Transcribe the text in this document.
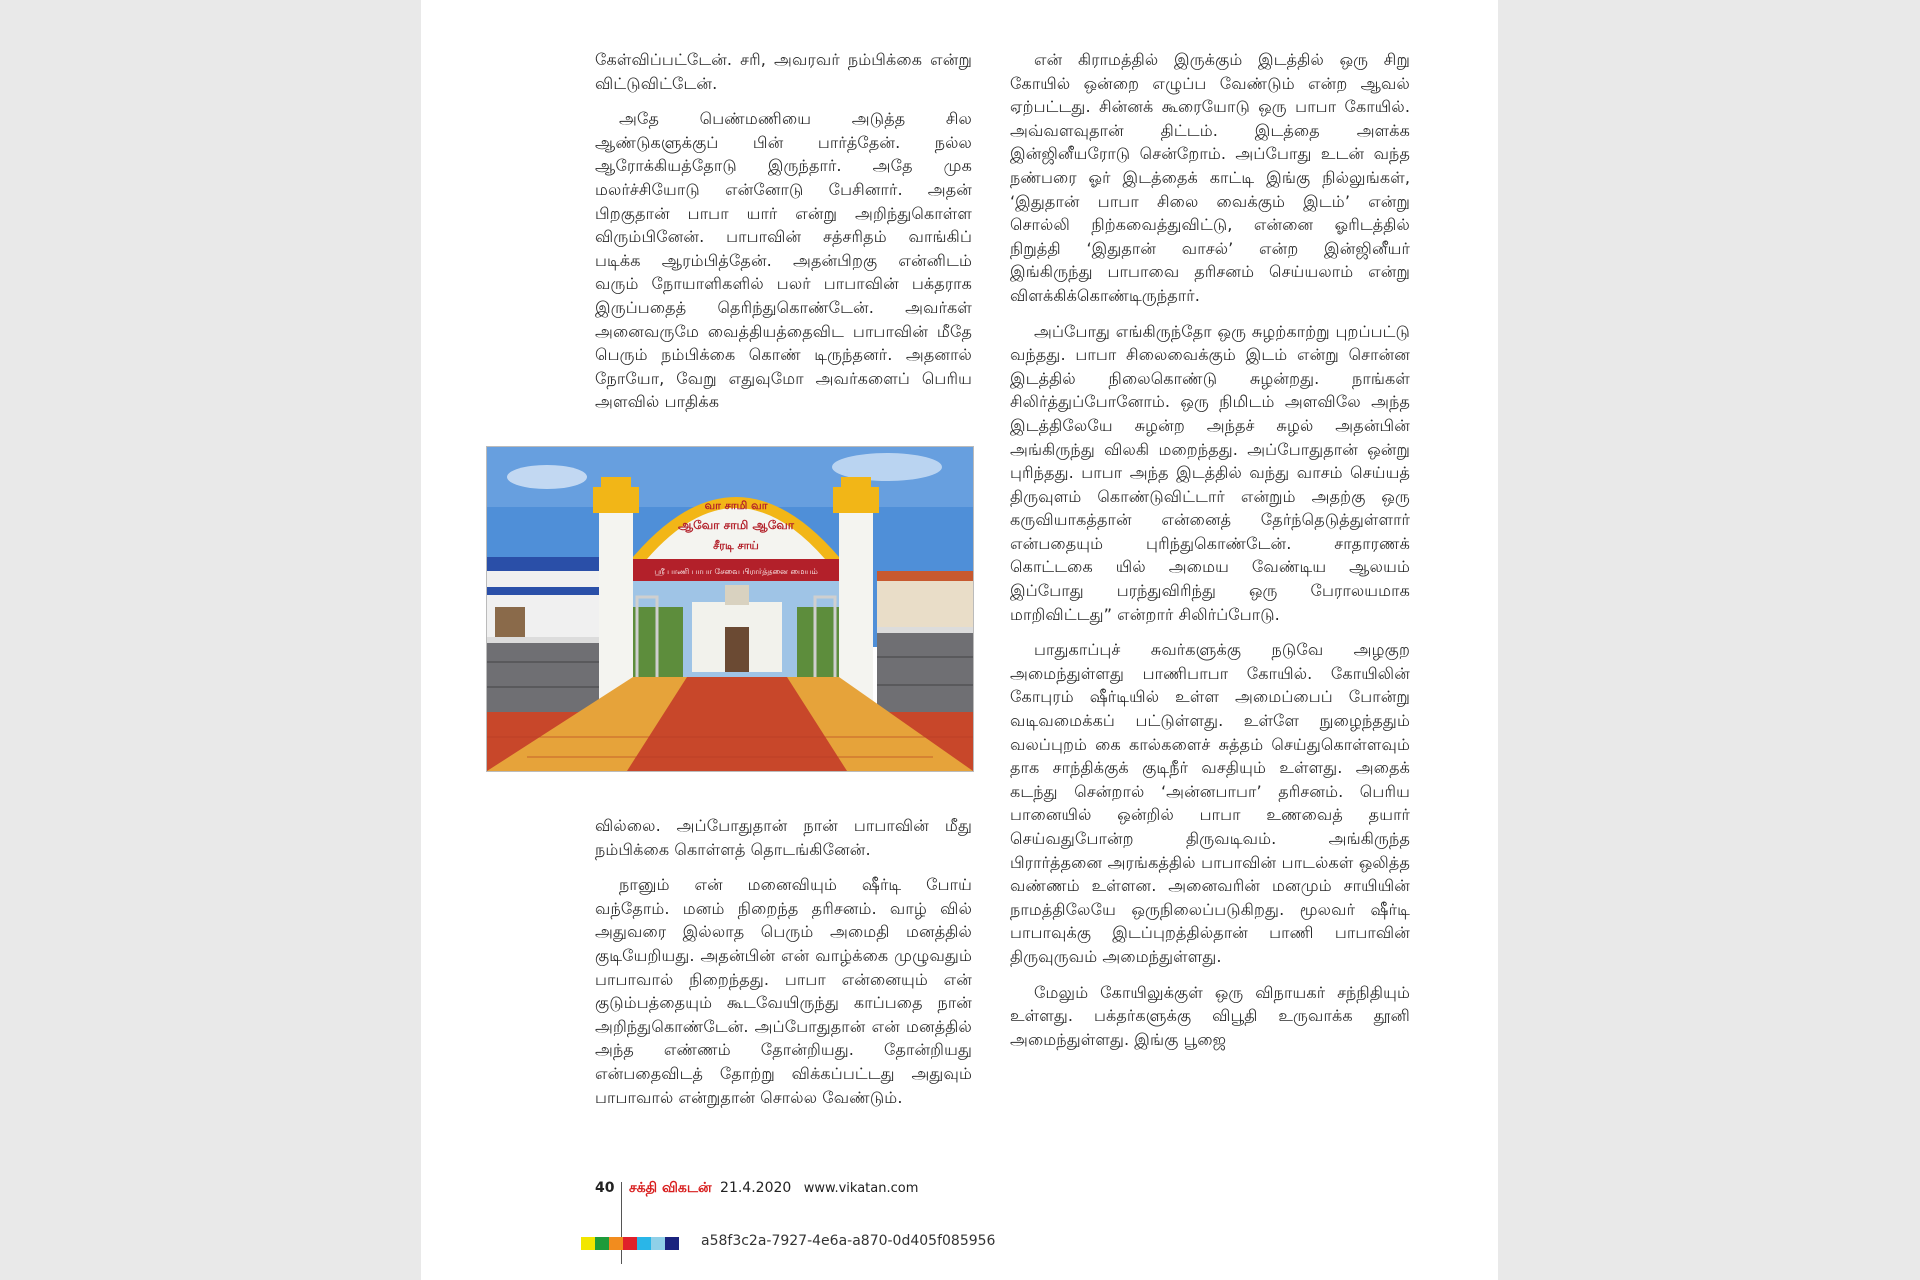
கேள்விப்பட்டேன். சரி, அவரவர் நம்பிக்கை என்று விட்டுவிட்டேன்.

அதே பெண்மணியை அடுத்த சில ஆண்டுகளுக்குப் பின் பார்த்தேன். நல்ல ஆரோக்கியத்தோடு இருந்தார். அதே முக மலர்ச்சியோடு என்னோடு பேசினார். அதன் பிறகுதான் பாபா யார் என்று அறிந்துகொள்ள விரும்பினேன். பாபாவின் சத்சரிதம் வாங்கிப் படிக்க ஆரம்பித்தேன். அதன்பிறகு என்னிடம் வரும் நோயாளிகளில் பலர் பாபாவின் பக்தராக இருப்பதைத் தெரிந்துகொண்டேன். அவர்கள் அனைவருமே வைத்தியத்தைவிட பாபாவின் மீதே பெரும் நம்பிக்கை கொண் டிருந்தனர். அதனால் நோயோ, வேறு எதுவுமோ அவர்களைப் பெரிய அளவில் பாதிக்க

வா சாமி வா
ஆவோ சாமி ஆவோ
சீரடி சாய்
ஸ்ரீ பாணி பாபா சேவை பிரார்த்தனை மையம்

வில்லை. அப்போதுதான் நான் பாபாவின் மீது நம்பிக்கை கொள்ளத் தொடங்கினேன்.

நானும் என் மனைவியும் ஷீர்டி போய் வந்தோம். மனம் நிறைந்த தரிசனம். வாழ் வில் அதுவரை இல்லாத பெரும் அமைதி மனத்தில் குடியேறியது. அதன்பின் என் வாழ்க்கை முழுவதும் பாபாவால் நிறைந்தது. பாபா என்னையும் என் குடும்பத்தையும் கூடவேயிருந்து காப்பதை நான் அறிந்துகொண்டேன். அப்போதுதான் என் மனத்தில் அந்த எண்ணம் தோன்றியது. தோன்றியது என்பதைவிடத் தோற்று விக்கப்பட்டது அதுவும் பாபாவால் என்றுதான் சொல்ல வேண்டும்.

என் கிராமத்தில் இருக்கும் இடத்தில் ஒரு சிறு கோயில் ஒன்றை எழுப்ப வேண்டும் என்ற ஆவல் ஏற்பட்டது. சின்னக் கூரையோடு ஒரு பாபா கோயில். அவ்வளவுதான் திட்டம். இடத்தை அளக்க இன்ஜினீயரோடு சென்றோம். அப்போது உடன் வந்த நண்பரை ஓர் இடத்தைக் காட்டி இங்கு நில்லுங்கள், ‘இதுதான் பாபா சிலை வைக்கும் இடம்’ என்று சொல்லி நிற்கவைத்துவிட்டு, என்னை ஓரிடத்தில் நிறுத்தி ‘இதுதான் வாசல்’ என்ற இன்ஜினீயர் இங்கிருந்து பாபாவை தரிசனம் செய்யலாம் என்று விளக்கிக்கொண்டிருந்தார்.

அப்போது எங்கிருந்தோ ஒரு சுழற்காற்று புறப்பட்டு வந்தது. பாபா சிலைவைக்கும் இடம் என்று சொன்ன இடத்தில் நிலைகொண்டு சுழன்றது. நாங்கள் சிலிர்த்துப்போனோம். ஒரு நிமிடம் அளவிலே அந்த இடத்திலேயே சுழன்ற அந்தச் சுழல் அதன்பின் அங்கிருந்து விலகி மறைந்தது. அப்போதுதான் ஒன்று புரிந்தது. பாபா அந்த இடத்தில் வந்து வாசம் செய்யத் திருவுளம் கொண்டுவிட்டார் என்றும் அதற்கு ஒரு கருவியாகத்தான் என்னைத் தேர்ந்தெடுத்துள்ளார் என்பதையும் புரிந்துகொண்டேன். சாதாரணக் கொட்டகை யில் அமைய வேண்டிய ஆலயம் இப்போது பரந்துவிரிந்து ஒரு பேராலயமாக மாறிவிட்டது” என்றார் சிலிர்ப்போடு.

பாதுகாப்புச் சுவர்களுக்கு நடுவே அழகுற அமைந்துள்ளது பாணிபாபா கோயில். கோயிலின் கோபுரம் ஷீர்டியில் உள்ள அமைப்பைப் போன்று வடிவமைக்கப் பட்டுள்ளது. உள்ளே நுழைந்ததும் வலப்புறம் கை கால்களைச் சுத்தம் செய்துகொள்ளவும் தாக சாந்திக்குக் குடிநீர் வசதியும் உள்ளது. அதைக் கடந்து சென்றால் ‘அன்னபாபா’ தரிசனம். பெரிய பானையில் ஒன்றில் பாபா உணவைத் தயார் செய்வதுபோன்ற திருவடிவம். அங்கிருந்த பிரார்த்தனை அரங்கத்தில் பாபாவின் பாடல்கள் ஒலித்த வண்ணம் உள்ளன. அனைவரின் மனமும் சாயியின் நாமத்திலேயே ஒருநிலைப்படுகிறது. மூலவர் ஷீர்டி பாபாவுக்கு இடப்புறத்தில்தான் பாணி பாபாவின் திருவுருவம் அமைந்துள்ளது.

மேலும் கோயிலுக்குள் ஒரு விநாயகர் சந்நிதியும் உள்ளது. பக்தர்களுக்கு விபூதி உருவாக்க தூனி அமைந்துள்ளது. இங்கு பூஜை

40 சக்தி விகடன் 21.4.2020 www.vikatan.com
a58f3c2a-7927-4e6a-a870-0d405f085956
